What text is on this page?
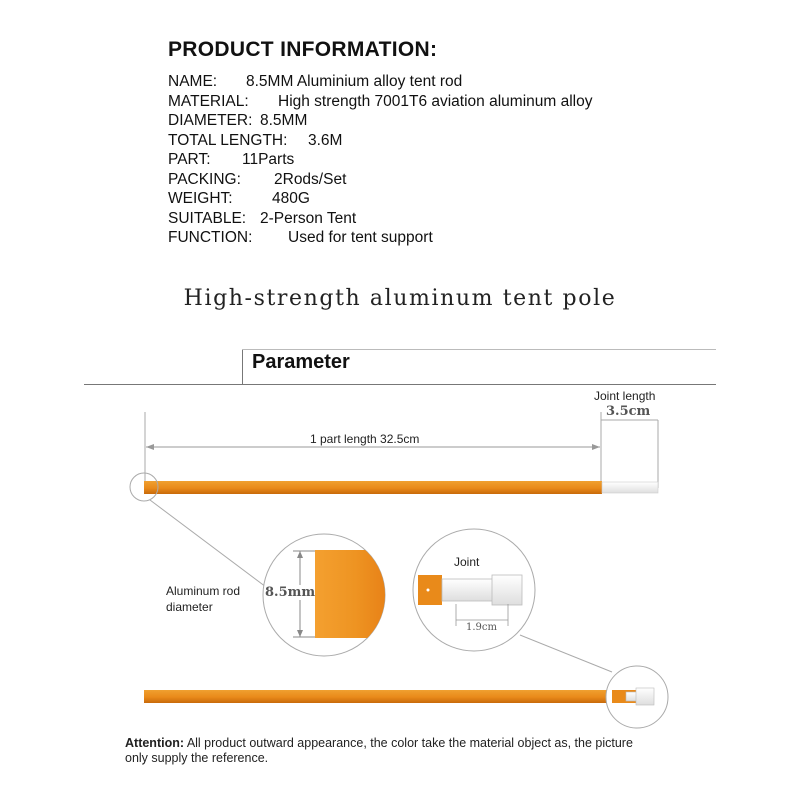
PRODUCT INFORMATION:
NAME: 8.5MM Aluminium alloy tent rod
MATERIAL: High strength 7001T6 aviation aluminum alloy
DIAMETER: 8.5MM
TOTAL LENGTH: 3.6M
PART: 11Parts
PACKING: 2Rods/Set
WEIGHT:	480G
SUITABLE: 2-Person Tent
FUNCTION: Used for tent support
High-strength aluminum tent pole
Parameter
Joint length
3.5cm
1 part length 32.5cm
Aluminum rod
diameter
8.5mm
Joint
1.9cm
Attention: All product outward appearance, the color take the material object as, the picture
only supply the reference.
